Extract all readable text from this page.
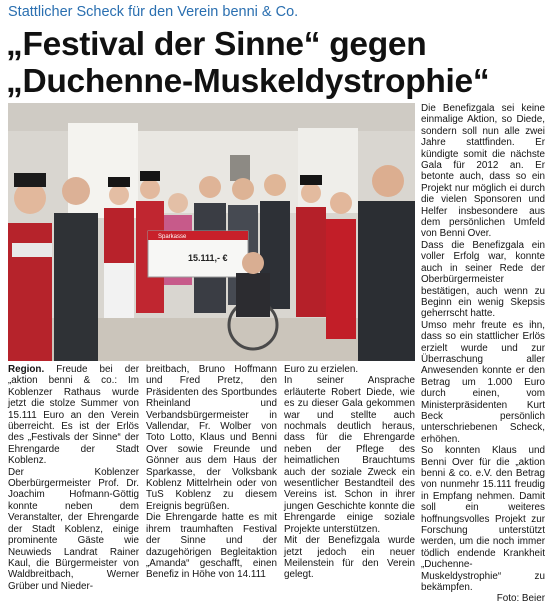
Stattlicher Scheck für den Verein benni & Co.
„Festival der Sinne“ gegen
„Duchenne-Muskeldystrophie“
Sparkasse
15.111,- €

Region. Freude bei der „aktion benni & co.: Im Koblenzer Rathaus wurde jetzt die stolze Summer von 15.111 Euro an den Verein überreicht. Es ist der Erlös des „Festivals der Sinne“ der Ehrengarde der Stadt Koblenz.

Der Koblenzer Oberbürgermeister Prof. Dr. Joachim Hofmann-Göttig konnte neben dem Veranstalter, der Ehrengarde der Stadt Koblenz, einige prominente Gäste wie Neuwieds Landrat Rainer Kaul, die Bürgermeister von Waldbreitbach, Werner Grüber und Nieder-

breitbach, Bruno Hoffmann und Fred Pretz, den Präsidenten des Sportbundes Rheinland und Verbandsbürgermeister in Vallendar, Fr. Wolber von Toto Lotto, Klaus und Benni Over sowie Freunde und Gönner aus dem Haus der Sparkasse, der Volksbank Koblenz Mittelrhein oder von TuS Koblenz zu diesem Ereignis begrüßen.

Die Ehrengarde hatte es mit ihrem traumhaften Festival der Sinne und der dazugehörigen Begleitaktion „Amanda“ geschafft, einen Benefiz in Höhe von 14.111

Euro zu erzielen.

In seiner Ansprache erläuterte Robert Diede, wie es zu dieser Gala gekommen war und stellte auch nochmals deutlich heraus, dass für die Ehrengarde neben der Pflege des heimatlichen Brauchtums auch der soziale Zweck ein wesentlicher Bestandteil des Vereins ist. Schon in ihrer jungen Geschichte konnte die Ehrengarde einige soziale Projekte unterstützen.

Mit der Benefizgala wurde jetzt jedoch ein neuer Meilenstein für den Verein gelegt.

Die Benefizgala sei keine einmalige Aktion, so Diede, sondern soll nun alle zwei Jahre stattfinden. Er kündigte somit die nächste Gala für 2012 an. Er betonte auch, dass so ein Projekt nur möglich ei durch die vielen Sponsoren und Helfer insbesondere aus dem persönlichen Umfeld von Benni Over.

Dass die Benefizgala ein voller Erfolg war, konnte auch in seiner Rede der Oberbürgermeister bestätigen, auch wenn zu Beginn ein wenig Skepsis geherrscht hatte.

Umso mehr freute es ihn, dass so ein stattlicher Erlös erzielt wurde und zur Überraschung aller Anwesenden konnte er den Betrag um 1.000 Euro durch einen, vom Ministerpräsidenten Kurt Beck persönlich unterschriebenen Scheck, erhöhen.

So konnten Klaus und Benni Over für die „aktion benni & co. e.V. den Betrag von nunmehr 15.111 freudig in Empfang nehmen. Damit soll ein weiteres hoffnungsvolles Projekt zur Forschung unterstützt werden, um die noch immer tödlich endende Krankheit „Duchenne-Muskeldystrophie“ zu bekämpfen.

Foto: Beier
